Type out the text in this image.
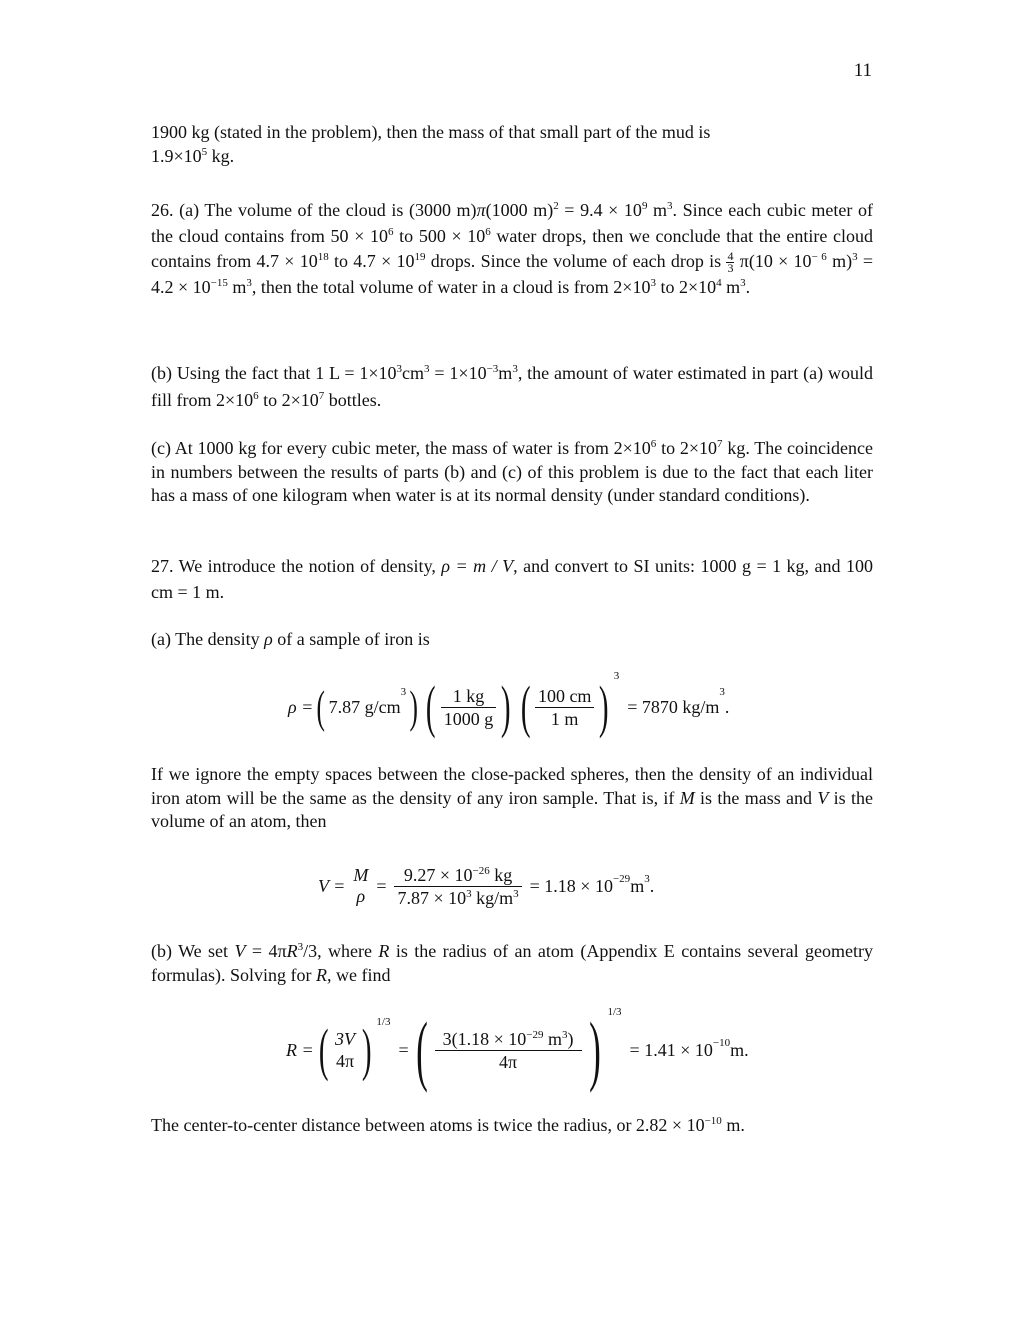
11

1900 kg (stated in the problem), then the mass of that small part of the mud is
$1.9\times 10^5$ kg.

26. (a) The volume of the cloud is (3000 m)π(1000 $m)^2 = 9.4 \times 10^9$ $m^3$. Since each cubic meter of the cloud contains from $50 \times 10^6$ to $500 \times 10^6$ water drops, then we conclude that the entire cloud contains from $4.7 \times 10^{18}$ to $4.7 \times 10^{19}$ drops. Since the volume of each drop is $\frac{4}{3} \pi(10 \times 10^{- 6}$ $m)^3 = 4.2 \times 10^{-15}$ $m^3$, then the total volume of water in a cloud is from $2\times 10^3$ to $2\times 10^4$ $m^3$.

(b) Using the fact that 1 $L = 1\times 10^3cm^3 = 1\times 10^{-3}m^3$, the amount of water estimated in part (a) would fill from $2\times 10^6$ to $2\times 10^7$ bottles.

(c) At 1000 kg for every cubic meter, the mass of water is from $2\times 10^6$ to $2\times 10^7$ kg. The coincidence in numbers between the results of parts (b) and (c) of this problem is due to the fact that each liter has a mass of one kilogram when water is at its normal density (under standard conditions).

27. We introduce the notion of density, ρ = m / V, and convert to SI units: 1000 g = 1 kg, and 100 cm = 1 m.

(a) The density ρ of a sample of iron is

ρ = ( 7.87 g/cm
3 ) ( $\frac{1 kg}{1000 g}$ ) ( $\frac{100 cm}{1 m}$ ) 3
= 7870 kg/m
3
.

If we ignore the empty spaces between the close-packed spheres, then the density of an individual iron atom will be the same as the density of any iron sample. That is, if M is the mass and V is the volume of an atom, then

V =
M
ρ
= $\frac{9.27 \times 10^{-26} kg}{7.87 \times 10^3 kg/m^3} = 1.18 \times 10^{-29}$ $m^3$ .

(b) We set $V = 4\pi R^3/3$, where R is the radius of an atom (Appendix E contains several geometry formulas). Solving for R, we find

R = ( 3V
4π ) 1/3
= ( $\frac{3(1.18 \times 10^{-29} m^3)}{4\pi}$ ) 1/3
= $1.41 \times 10^{-10}$ m.

The center-to-center distance between atoms is twice the radius, or $2.82 \times 10^{-10}$ m.
